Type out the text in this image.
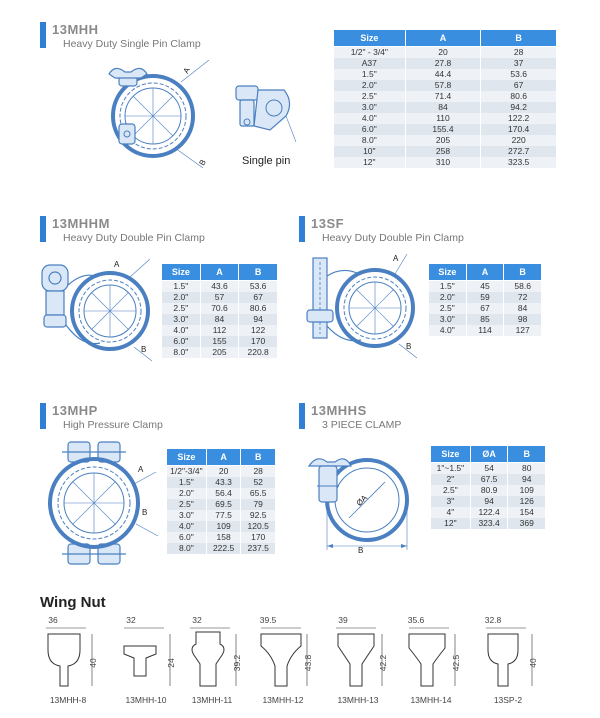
13MHH
Heavy Duty Single Pin Clamp
A
B	Single pin
Size	A	B
1/2" - 3/4"	20	28
A37	27.8	37
1.5"	44.4	53.6
2.0"	57.8	67
2.5"	71.4	80.6
3.0"	84	94.2
4.0"	110	122.2
6.0"	155.4	170.4
8.0"	205	220
10"	258	272.7
12"	310	323.5
13MHHM
Heavy Duty Double Pin Clamp
A
B
Size	A	B
1.5"	43.6	53.6
2.0"	57	67
2.5"	70.6	80.6
3.0"	84	94
4.0"	112	122
6.0"	155	170
8.0"	205	220.8
13SF
Heavy Duty Double Pin Clamp
A
B
Size	A	B
1.5"	45	58.6
2.0"	59	72
2.5"	67	84
3.0"	85	98
4.0"	114	127
13MHP
High Pressure Clamp
A
B
Size	A	B
1/2"-3/4"	20	28
1.5"	43.3	52
2.0"	56.4	65.5
2.5"	69.5	79
3.0"	77.5	92.5
4.0"	109	120.5
6.0"	158	170
8.0"	222.5	237.5
13MHHS
3 PIECE CLAMP
ØA
B
Size	ØA	B
1"~1.5"	54	80
2"	67.5	94
2.5"	80.9	109
3"	94	126
4"	122.4	154
12"	323.4	369
Wing Nut
36
40
13MHH-8
32
24
13MHH-10
32
39.2
13MHH-11
39.5
43.8
13MHH-12
39
42.2
13MHH-13
35.6
42.5
13MHH-14
32.8
40
13SP-2
